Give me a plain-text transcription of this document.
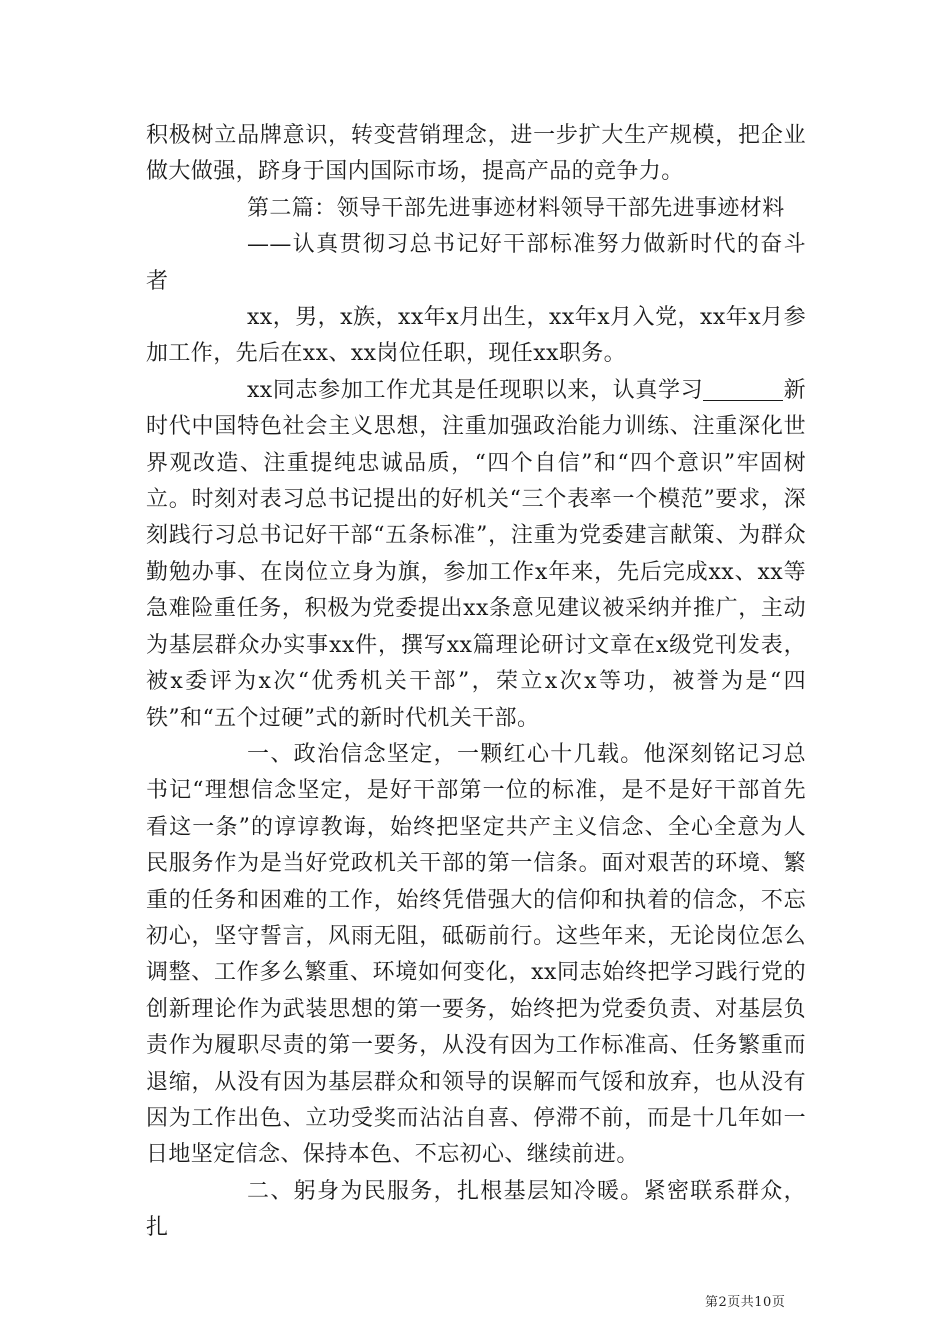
积极树立品牌意识，转变营销理念，进一步扩大生产规模，把企业做大做强，跻身于国内国际市场，提高产品的竞争力。

第二篇：领导干部先进事迹材料领导干部先进事迹材料

——认真贯彻习总书记好干部标准努力做新时代的奋斗者

xx，男，x族，xx年x月出生，xx年x月入党，xx年x月参加工作，先后在xx、xx岗位任职，现任xx职务。

xx同志参加工作尤其是任现职以来，认真学习	新时代中国特色社会主义思想，注重加强政治能力训练、注重深化世界观改造、注重提纯忠诚品质，“四个自信”和“四个意识”牢固树立。时刻对表习总书记提出的好机关“三个表率一个模范”要求，深刻践行习总书记好干部“五条标准”，注重为党委建言献策、为群众勤勉办事、在岗位立身为旗，参加工作x年来，先后完成xx、xx等急难险重任务，积极为党委提出xx条意见建议被采纳并推广，主动为基层群众办实事xx件，撰写xx篇理论研讨文章在x级党刊发表，被x委评为x次“优秀机关干部”，荣立x次x等功，被誉为是“四铁”和“五个过硬”式的新时代机关干部。

一、政治信念坚定，一颗红心十几载。他深刻铭记习总书记“理想信念坚定，是好干部第一位的标准，是不是好干部首先看这一条”的谆谆教诲，始终把坚定共产主义信念、全心全意为人民服务作为是当好党政机关干部的第一信条。面对艰苦的环境、繁重的任务和困难的工作，始终凭借强大的信仰和执着的信念，不忘初心，坚守誓言，风雨无阻，砥砺前行。这些年来，无论岗位怎么调整、工作多么繁重、环境如何变化，xx同志始终把学习践行党的创新理论作为武装思想的第一要务，始终把为党委负责、对基层负责作为履职尽责的第一要务，从没有因为工作标准高、任务繁重而退缩，从没有因为基层群众和领导的误解而气馁和放弃，也从没有因为工作出色、立功受奖而沾沾自喜、停滞不前，而是十几年如一日地坚定信念、保持本色、不忘初心、继续前进。

二、躬身为民服务，扎根基层知冷暖。紧密联系群众，扎

第2页共10页
